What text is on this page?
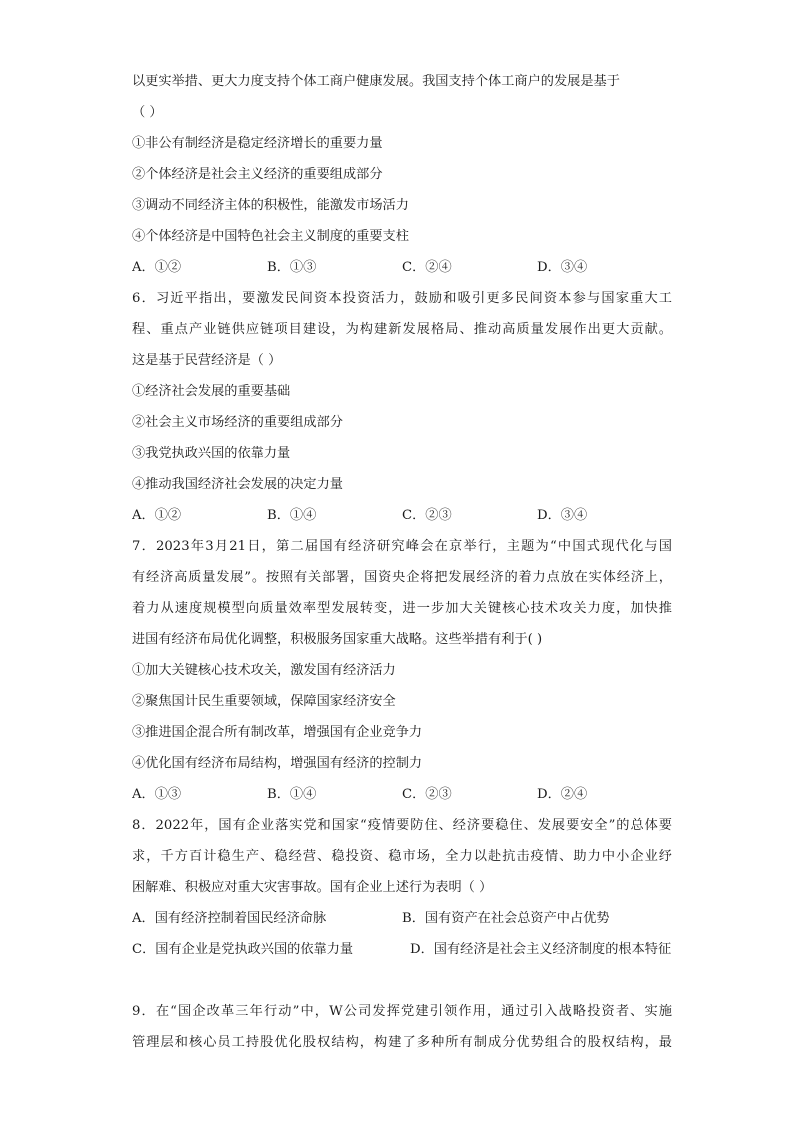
以更实举措、更大力度支持个体工商户健康发展。我国支持个体工商户的发展是基于
（ ）
①非公有制经济是稳定经济增长的重要力量
②个体经济是社会主义经济的重要组成部分
③调动不同经济主体的积极性，能激发市场活力
④个体经济是中国特色社会主义制度的重要支柱
A．①②	B．①③	C．②④	D．③④
6．习近平指出，要激发民间资本投资活力，鼓励和吸引更多民间资本参与国家重大工
程、重点产业链供应链项目建设，为构建新发展格局、推动高质量发展作出更大贡献。
这是基于民营经济是（ ）
①经济社会发展的重要基础
②社会主义市场经济的重要组成部分
③我党执政兴国的依靠力量
④推动我国经济社会发展的决定力量
A．①②	B．①④	C．②③	D．③④
7．2023年3月21日，第二届国有经济研究峰会在京举行，主题为“中国式现代化与国
有经济高质量发展”。按照有关部署，国资央企将把发展经济的着力点放在实体经济上，
着力从速度规模型向质量效率型发展转变，进一步加大关键核心技术攻关力度，加快推
进国有经济布局优化调整，积极服务国家重大战略。这些举措有利于( )
①加大关键核心技术攻关，激发国有经济活力
②聚焦国计民生重要领域，保障国家经济安全
③推进国企混合所有制改革，增强国有企业竞争力
④优化国有经济布局结构，增强国有经济的控制力
A．①③	B．①④	C．②③	D．②④
8．2022年，国有企业落实党和国家“疫情要防住、经济要稳住、发展要安全”的总体要
求，千方百计稳生产、稳经营、稳投资、稳市场，全力以赴抗击疫情、助力中小企业纾
困解难、积极应对重大灾害事故。国有企业上述行为表明（ ）
A．国有经济控制着国民经济命脉	B．国有资产在社会总资产中占优势
C．国有企业是党执政兴国的依靠力量	D．国有经济是社会主义经济制度的根本特征
9．在“国企改革三年行动”中，W公司发挥党建引领作用，通过引入战略投资者、实施
管理层和核心员工持股优化股权结构，构建了多种所有制成分优势组合的股权结构，最
